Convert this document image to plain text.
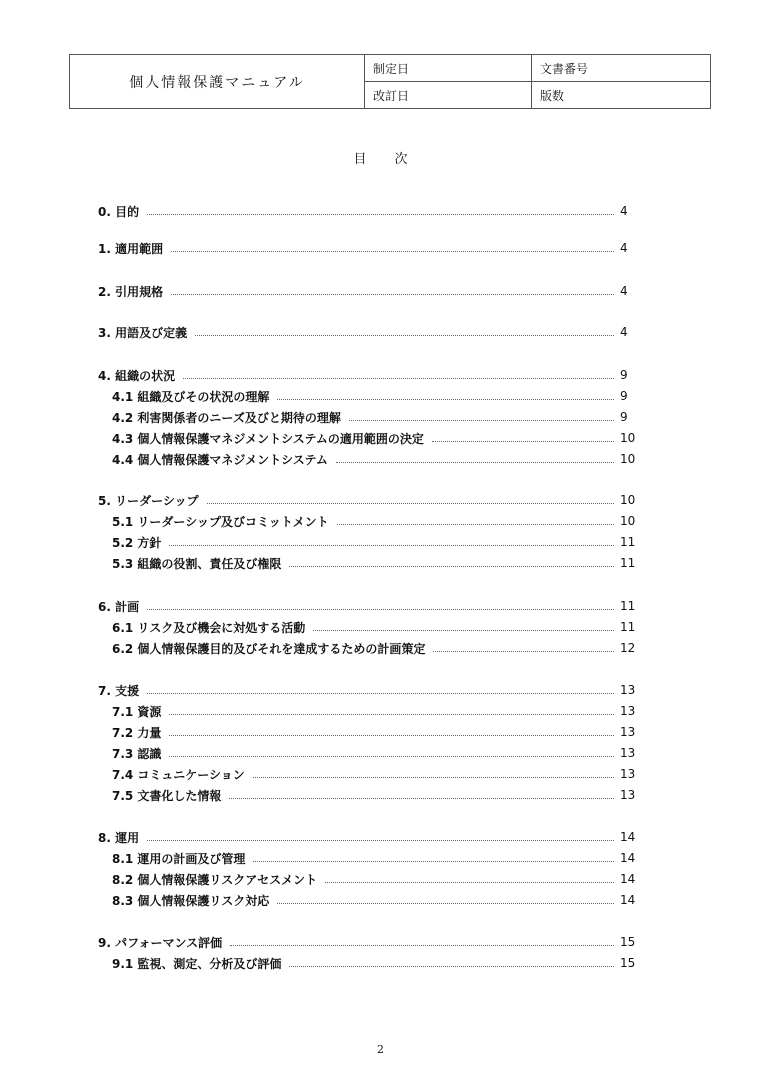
個人情報保護マニュアル	制定日	文書番号
	改訂日	版数
目 次
0. 目的	4
1. 適用範囲	4
2. 引用規格	4
3. 用語及び定義	4
4. 組織の状況	9
4.1 組織及びその状況の理解	9
4.2 利害関係者のニーズ及びと期待の理解	9
4.3 個人情報保護マネジメントシステムの適用範囲の決定	10
4.4 個人情報保護マネジメントシステム	10
5. リーダーシップ	10
5.1 リーダーシップ及びコミットメント	10
5.2 方針	11
5.3 組織の役割、責任及び権限	11
6. 計画	11
6.1 リスク及び機会に対処する活動	11
6.2 個人情報保護目的及びそれを達成するための計画策定	12
7. 支援	13
7.1 資源	13
7.2 力量	13
7.3 認識	13
7.4 コミュニケーション	13
7.5 文書化した情報	13
8. 運用	14
8.1 運用の計画及び管理	14
8.2 個人情報保護リスクアセスメント	14
8.3 個人情報保護リスク対応	14
9. パフォーマンス評価	15
9.1 監視、測定、分析及び評価	15
2
